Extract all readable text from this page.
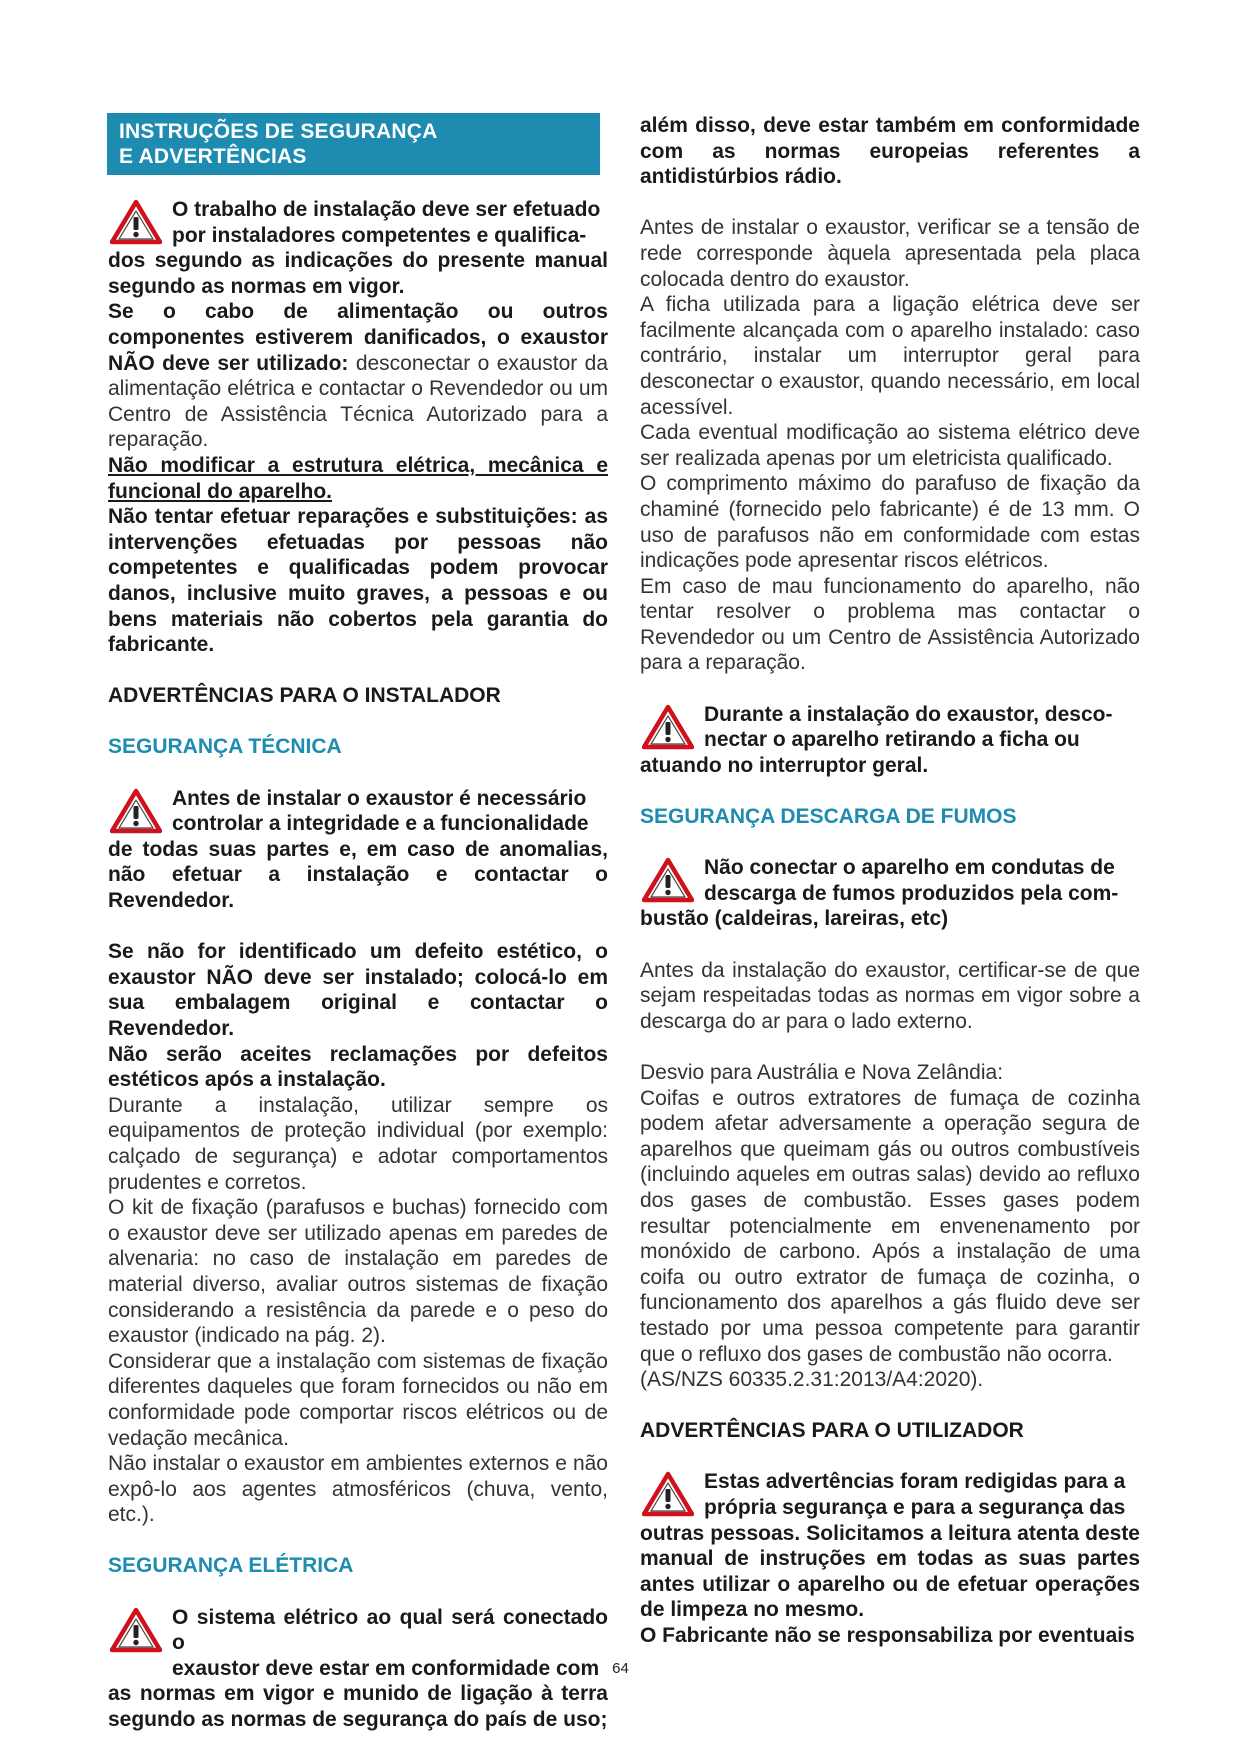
INSTRUÇÕES DE SEGURANÇA
E ADVERTÊNCIAS

O trabalho de instalação deve ser efetuado

por instaladores competentes e qualifica-

dos segundo as indicações do presente manual segundo as normas em vigor.

Se o cabo de alimentação ou outros componentes estiverem danificados, o exaustor NÃO deve ser utilizado: desconectar o exaustor da alimentação elétrica e contactar o Revendedor ou um Centro de Assistência Técnica Autorizado para a reparação.

Não modificar a estrutura elétrica, mecânica e funcional do aparelho.

Não tentar efetuar reparações e substituições: as intervenções efetuadas por pessoas não competentes e qualificadas podem provocar danos, inclusive muito graves, a pessoas e ou bens materiais não cobertos pela garantia do fabricante.

ADVERTÊNCIAS PARA O INSTALADOR

SEGURANÇA TÉCNICA

Antes de instalar o exaustor é necessário

controlar a integridade e a funcionalidade

de todas suas partes e, em caso de anomalias, não efetuar a instalação e contactar o Revendedor.

Se não for identificado um defeito estético, o exaustor NÃO deve ser instalado; colocá-lo em sua embalagem original e contactar o Revendedor.

Não serão aceites reclamações por defeitos estéticos após a instalação.

Durante a instalação, utilizar sempre os equipamentos de proteção individual (por exemplo: calçado de segurança) e adotar comportamentos prudentes e corretos.

O kit de fixação (parafusos e buchas) fornecido com o exaustor deve ser utilizado apenas em paredes de alvenaria: no caso de instalação em paredes de material diverso, avaliar outros sistemas de fixação considerando a resistência da parede e o peso do exaustor (indicado na pág. 2).

Considerar que a instalação com sistemas de fixação diferentes daqueles que foram fornecidos ou não em conformidade pode comportar riscos elétricos ou de vedação mecânica.

Não instalar o exaustor em ambientes externos e não expô-lo aos agentes atmosféricos (chuva, vento, etc.).

SEGURANÇA ELÉTRICA

O sistema elétrico ao qual será conectado o

exaustor deve estar em conformidade com

as normas em vigor e munido de ligação à terra segundo as normas de segurança do país de uso;

além disso, deve estar também em conformidade com as normas europeias referentes a antidistúrbios rádio.

Antes de instalar o exaustor, verificar se a tensão de rede corresponde àquela apresentada pela placa colocada dentro do exaustor.

A ficha utilizada para a ligação elétrica deve ser facilmente alcançada com o aparelho instalado: caso contrário, instalar um interruptor geral para desconectar o exaustor, quando necessário, em local acessível.

Cada eventual modificação ao sistema elétrico deve ser realizada apenas por um eletricista qualificado.

O comprimento máximo do parafuso de fixação da chaminé (fornecido pelo fabricante) é de 13 mm. O uso de parafusos não em conformidade com estas indicações pode apresentar riscos elétricos.

Em caso de mau funcionamento do aparelho, não tentar resolver o problema mas contactar o Revendedor ou um Centro de Assistência Autorizado para a reparação.

Durante a instalação do exaustor, desco-

nectar o aparelho retirando a ficha ou

atuando no interruptor geral.

SEGURANÇA DESCARGA DE FUMOS

Não conectar o aparelho em condutas de

descarga de fumos produzidos pela com-

bustão (caldeiras, lareiras, etc)

Antes da instalação do exaustor, certificar-se de que sejam respeitadas todas as normas em vigor sobre a descarga do ar para o lado externo.

Desvio para Austrália e Nova Zelândia:

Coifas e outros extratores de fumaça de cozinha podem afetar adversamente a operação segura de aparelhos que queimam gás ou outros combustíveis (incluindo aqueles em outras salas) devido ao refluxo dos gases de combustão. Esses gases podem resultar potencialmente em envenenamento por monóxido de carbono. Após a instalação de uma coifa ou outro extrator de fumaça de cozinha, o funcionamento dos aparelhos a gás fluido deve ser testado por uma pessoa competente para garantir que o refluxo dos gases de combustão não ocorra.

(AS/NZS 60335.2.31:2013/A4:2020).

ADVERTÊNCIAS PARA O UTILIZADOR

Estas advertências foram redigidas para a

própria segurança e para a segurança das

outras pessoas. Solicitamos a leitura atenta deste manual de instruções em todas as suas partes antes utilizar o aparelho ou de efetuar operações de limpeza no mesmo.

O Fabricante não se responsabiliza por eventuais

64
